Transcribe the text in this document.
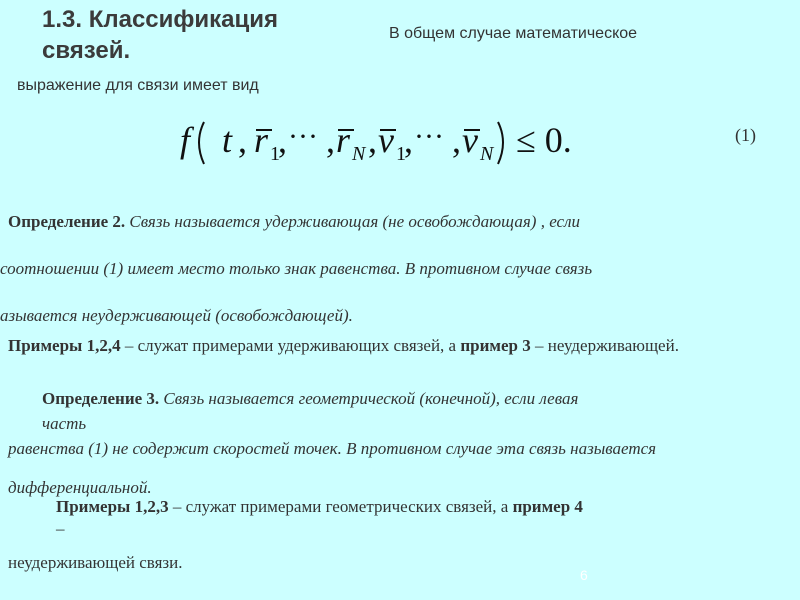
1.3. Классификация связей.
В общем случае математическое
выражение для связи имеет вид
f t , r 1
, ··· , r N , v 1
, ··· , v N ≤ 0.	(1)
Определение 2. Связь называется удерживающая (не освобождающая) , если
соотношении (1) имеет место только знак равенства. В противном случае связь
азывается неудерживающей (освобождающей).
Примеры 1,2,4 – служат примерами удерживающих связей, а пример 3 – неудерживающей.
Определение 3. Связь называется геометрической (конечной), если левая
часть
равенства (1) не содержит скоростей точек. В противном случае эта связь называется
дифференциальной.
Примеры 1,2,3 – служат примерами геометрических связей, а пример 4
–
неудерживающей связи.
6
